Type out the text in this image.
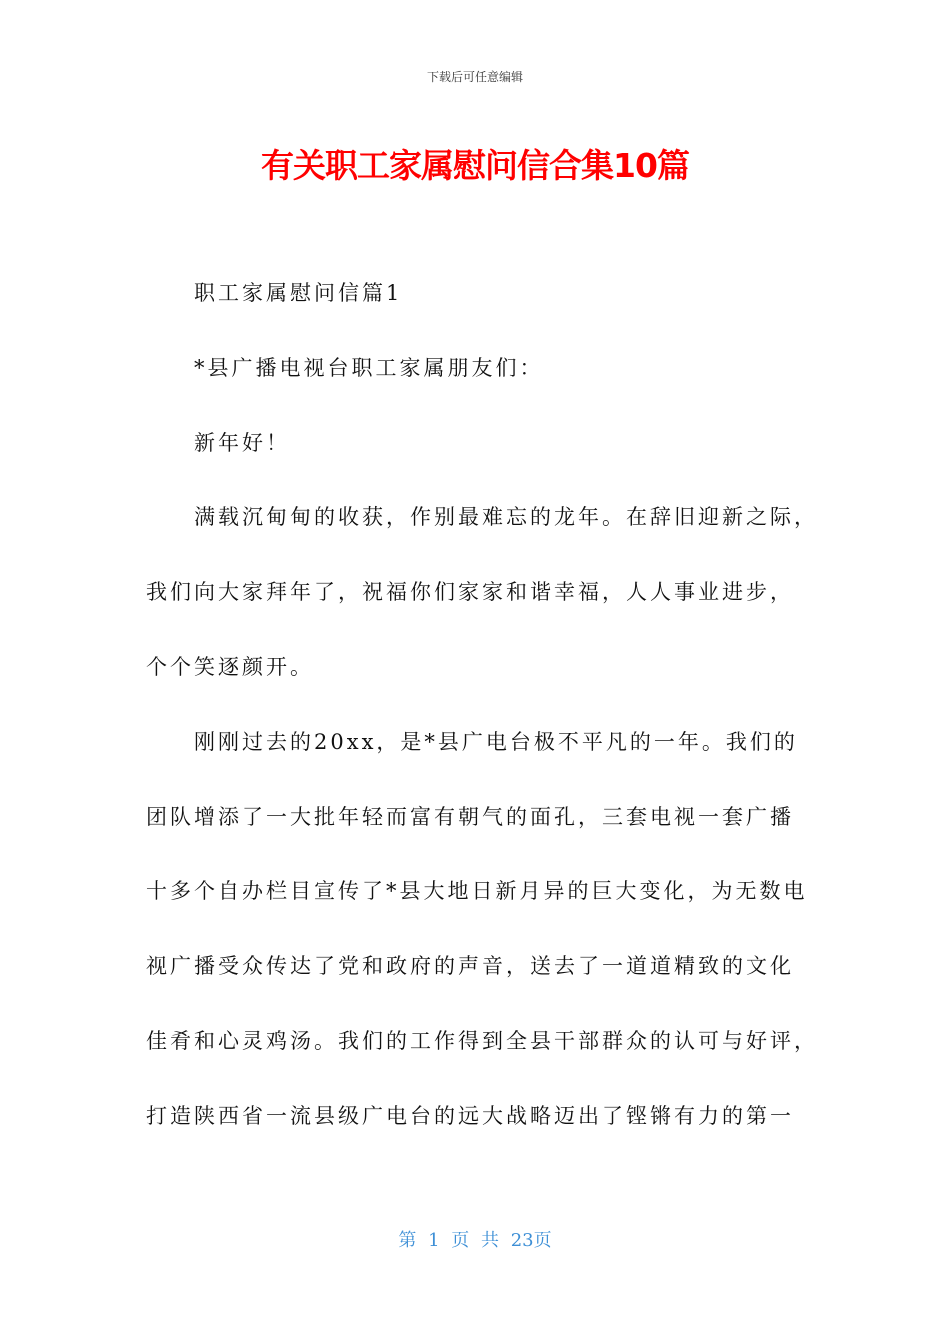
下载后可任意编辑
有关职工家属慰问信合集10篇
职工家属慰问信篇1
*县广播电视台职工家属朋友们：
新年好！
满载沉甸甸的收获，作别最难忘的龙年。在辞旧迎新之际，
我们向大家拜年了，祝福你们家家和谐幸福，人人事业进步，
个个笑逐颜开。
刚刚过去的20xx，是*县广电台极不平凡的一年。我们的
团队增添了一大批年轻而富有朝气的面孔，三套电视一套广播
十多个自办栏目宣传了*县大地日新月异的巨大变化，为无数电
视广播受众传达了党和政府的声音，送去了一道道精致的文化
佳肴和心灵鸡汤。我们的工作得到全县干部群众的认可与好评，
打造陕西省一流县级广电台的远大战略迈出了铿锵有力的第一
第 1 页 共 23页
